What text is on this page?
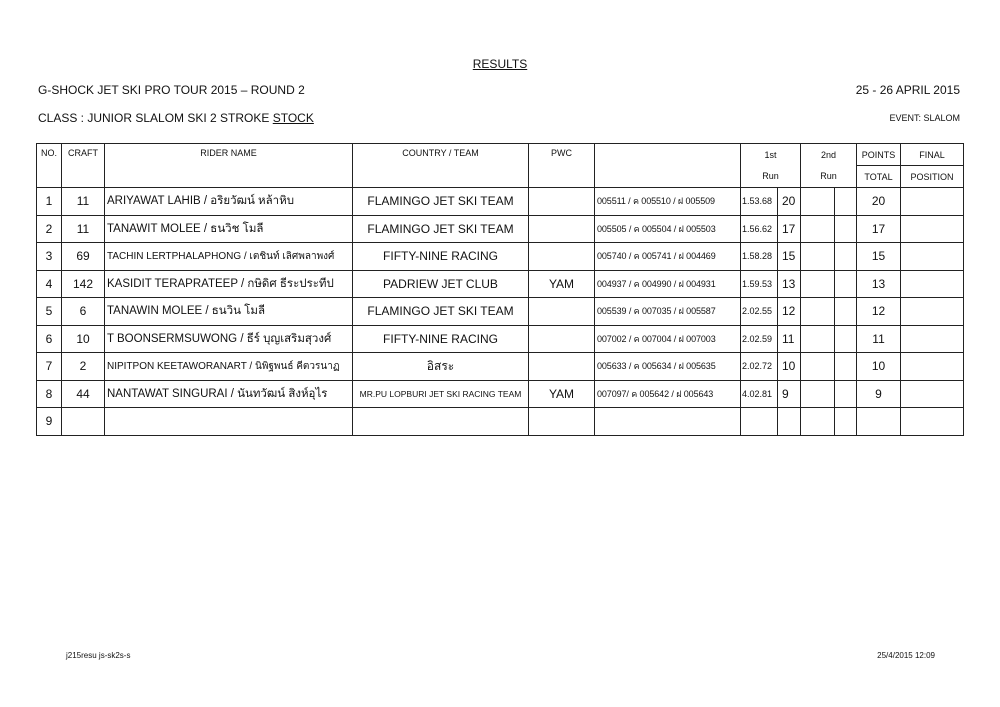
RESULTS
G-SHOCK JET SKI PRO TOUR 2015 – ROUND 2	25 - 26 APRIL 2015
CLASS : JUNIOR SLALOM SKI 2 STROKE STOCK	EVENT: SLALOM
NO.	CRAFT	RIDER NAME	COUNTRY / TEAM	PWC		1st		2nd		POINTS	FINAL
						Run		Run		TOTAL	POSITION
1	11	ARIYAWAT LAHIB / อริยวัฒน์ หล้าหิบ	FLAMINGO JET SKI TEAM		005511 / ค 005510 / ฝ 005509	1.53.68	20			20	
2	11	TANAWIT MOLEE / ธนวิช โมลี	FLAMINGO JET SKI TEAM		005505 / ค 005504 / ฝ 005503	1.56.62	17			17	
3	69	TACHIN LERTPHALAPHONG / เตชินท์ เลิศพลาพงศ์	FIFTY-NINE RACING		005740 / ค 005741 / ฝ 004469	1.58.28	15			15	
4	142	KASIDIT TERAPRATEEP / กษิดิศ ธีระประทีป	PADRIEW JET CLUB	YAM	004937 / ค 004990 / ฝ 004931	1.59.53	13			13	
5	6	TANAWIN MOLEE / ธนวิน โมลี	FLAMINGO JET SKI TEAM		005539 / ค 007035 / ฝ 005587	2.02.55	12			12	
6	10	T BOONSERMSUWONG / ธีร์ บุญเสริมสุวงศ์	FIFTY-NINE RACING		007002 / ค 007004 / ฝ 007003	2.02.59	11			11	
7	2	NIPITPON KEETAWORANART / นิพิฐพนธ์ คีตวรนาฏ	อิสระ		005633 / ค 005634 / ฝ 005635	2.02.72	10			10	
8	44	NANTAWAT SINGURAI / นันทวัฒน์ สิงห์อุไร	MR.PU LOPBURI JET SKI RACING TEAM	YAM	007097/ ค 005642 / ฝ 005643	4.02.81	9			9	
9											
j215resu js-sk2s-s	25/4/2015 12:09
